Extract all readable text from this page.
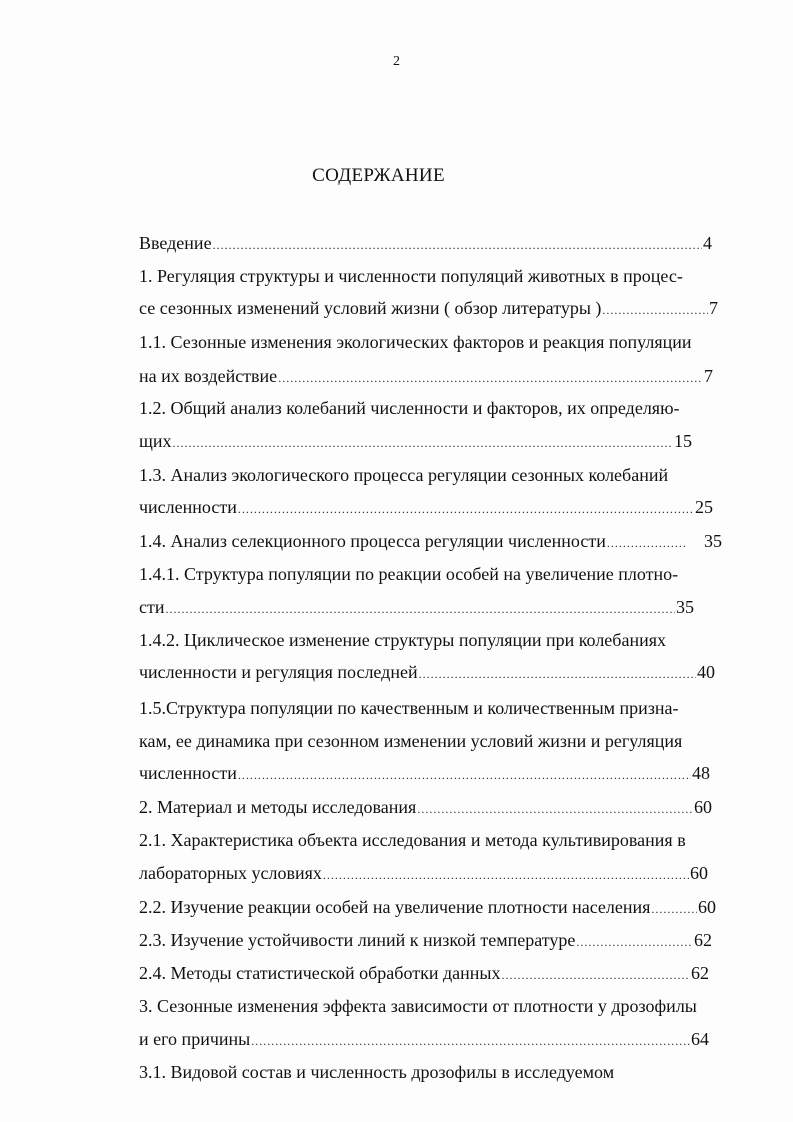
2
СОДЕРЖАНИЕ
Введение .....	4
1. Регуляция структуры и численности популяций животных в процес-
се сезонных изменений условий жизни ( обзор литературы ) .....	7
1.1. Сезонные изменения экологических факторов и реакция популяции
на их воздействие .....	7
1.2. Общий анализ колебаний численности и факторов, их определяю-
щих .....	15
1.3. Анализ экологического процесса регуляции сезонных колебаний
численности .....	25
1.4. Анализ селекционного процесса регуляции численности .....	35
1.4.1. Структура популяции по реакции особей на увеличение плотно-
сти .....	35
1.4.2. Циклическое изменение структуры популяции при колебаниях
численности и регуляция последней .....	40
1.5.Структура популяции по качественным и количественным призна-
кам, ее динамика при сезонном изменении условий жизни и регуляция
численности .....	48
2. Материал и методы исследования .....	60
2.1. Характеристика объекта исследования и метода культивирования в
лабораторных условиях .....	60
2.2. Изучение реакции особей на увеличение плотности населения .....	60
2.3. Изучение устойчивости линий к низкой температуре .....	62
2.4. Методы статистической обработки данных .....	62
3. Сезонные изменения эффекта зависимости от плотности у дрозофилы
и его причины .....	64
3.1. Видовой состав и численность дрозофилы в исследуемом
